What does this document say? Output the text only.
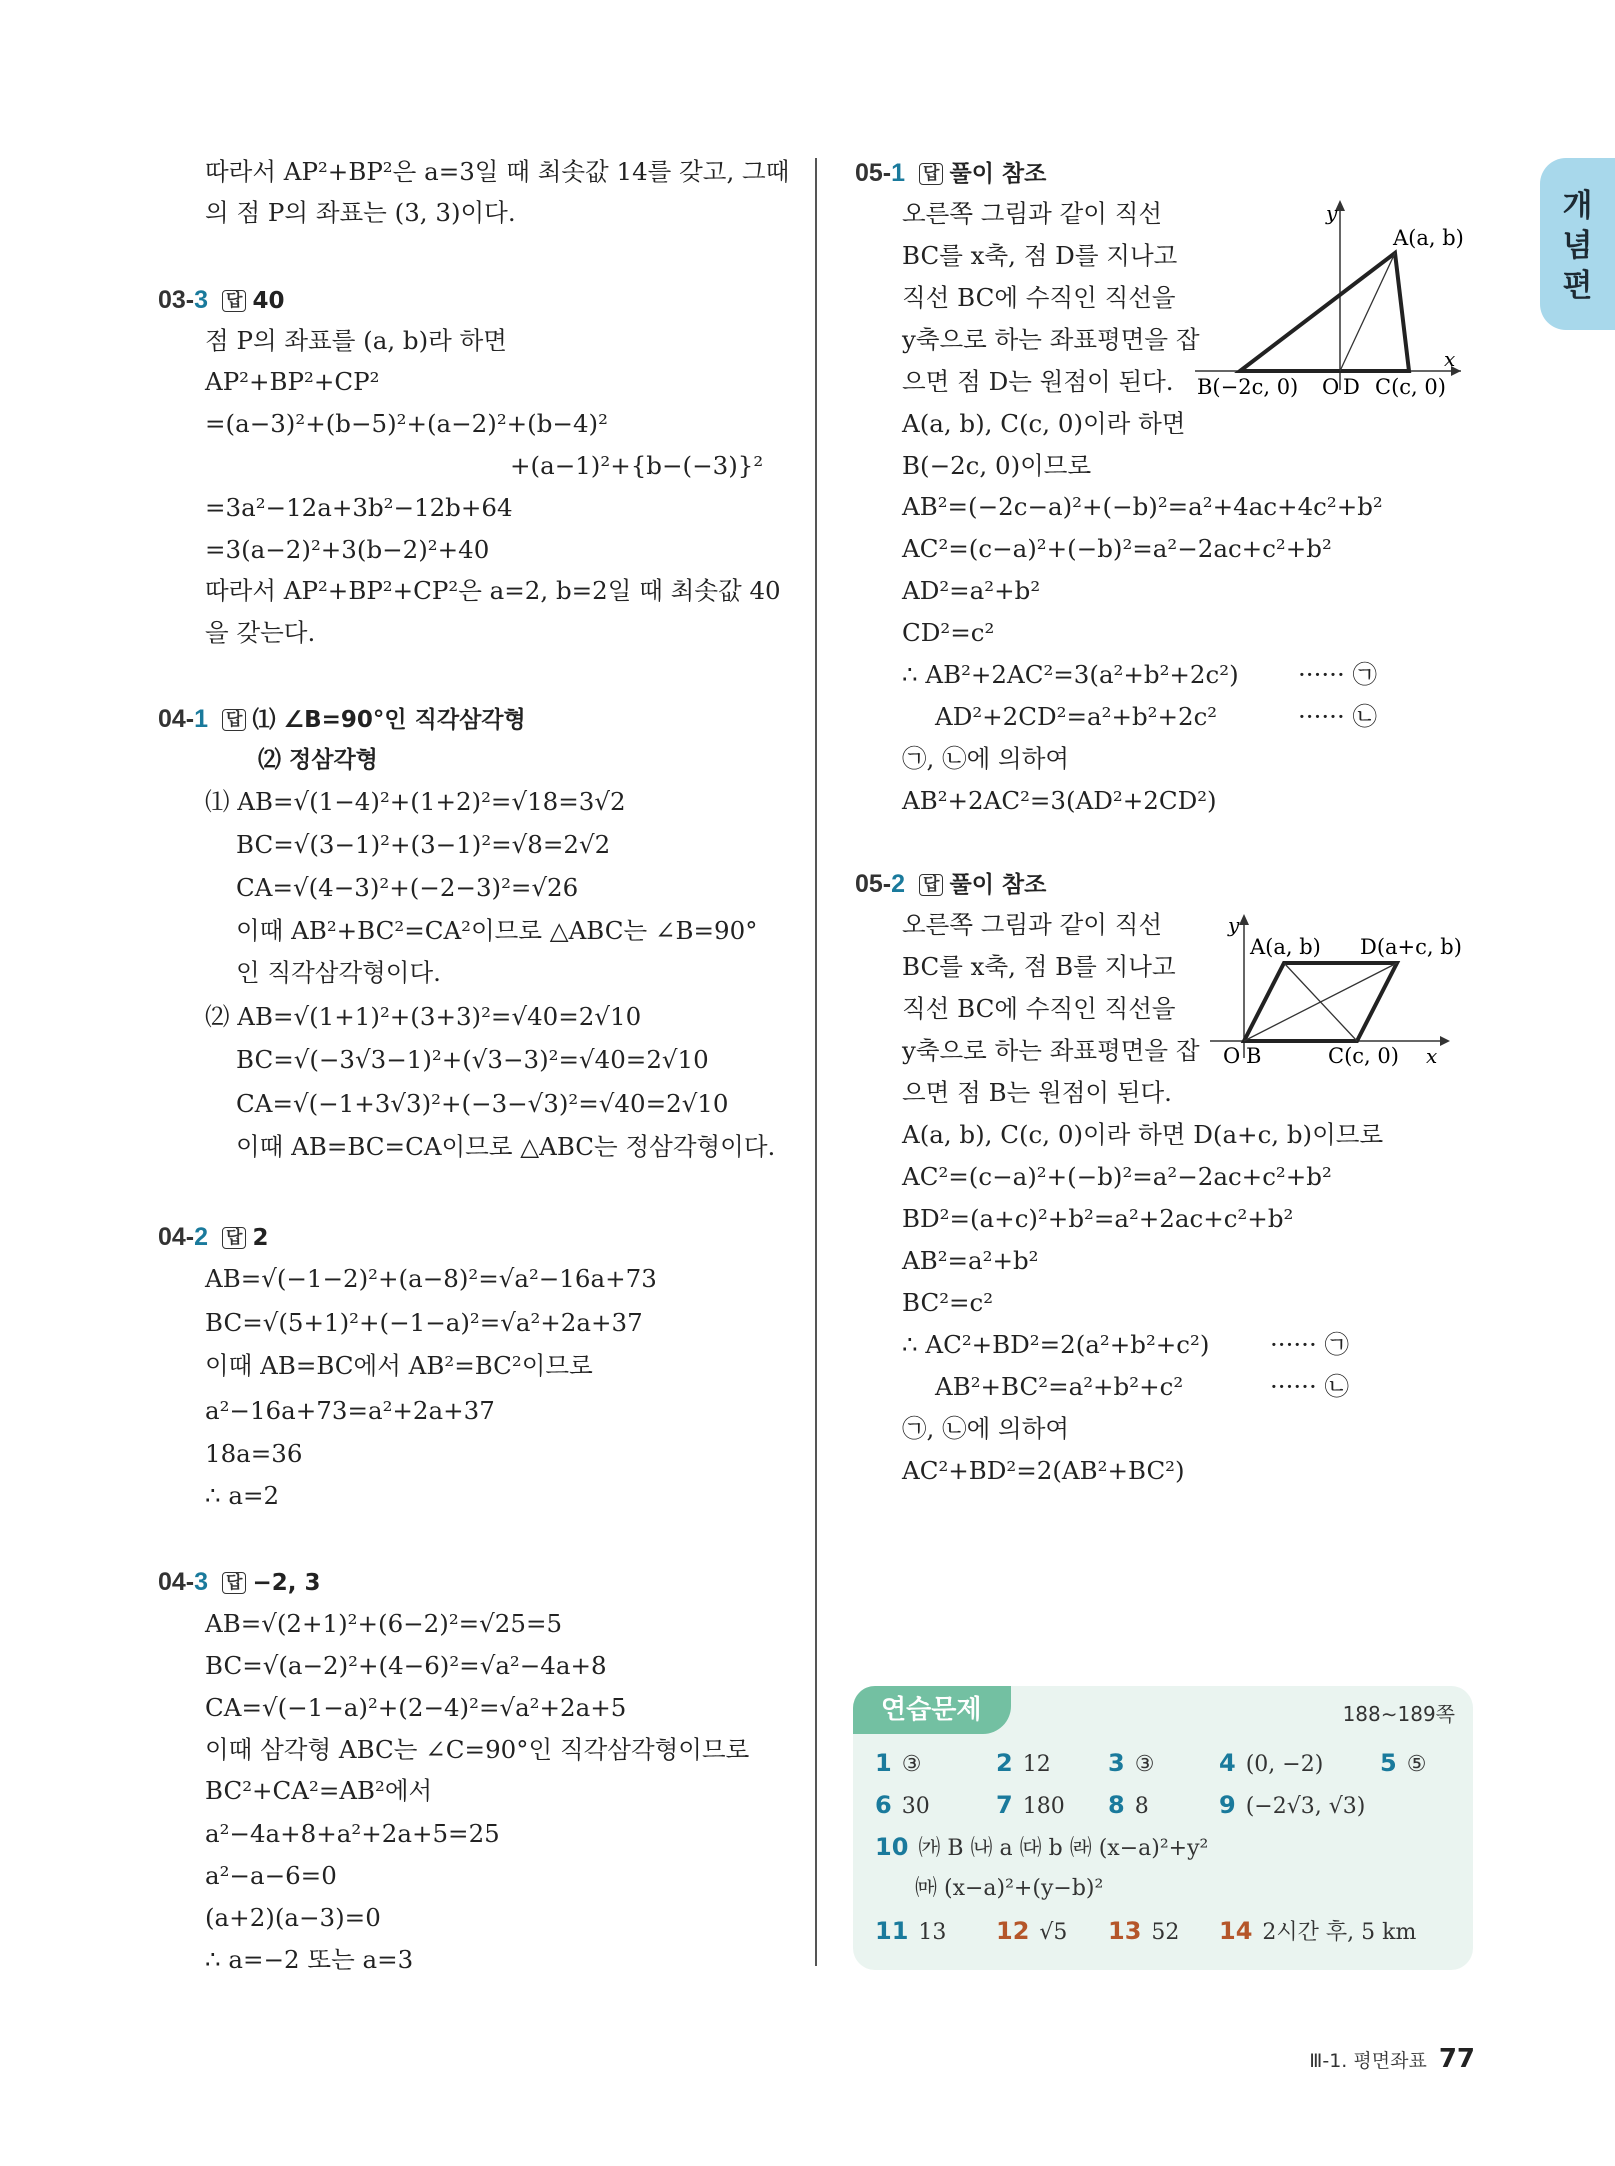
개
념
편
따라서 AP²+BP²은 a=3일 때 최솟값 14를 갖고, 그때
의 점 P의 좌표는 (3, 3)이다.
03-3 답 40
점 P의 좌표를 (a, b)라 하면
AP²+BP²+CP²
=(a−3)²+(b−5)²+(a−2)²+(b−4)²
+(a−1)²+{b−(−3)}²
=3a²−12a+3b²−12b+64
=3(a−2)²+3(b−2)²+40
따라서 AP²+BP²+CP²은 a=2, b=2일 때 최솟값 40
을 갖는다.
04-1 답 ⑴ ∠B=90°인 직각삼각형
⑵ 정삼각형
⑴ AB=√(1−4)²+(1+2)²=√18=3√2
BC=√(3−1)²+(3−1)²=√8=2√2
CA=√(4−3)²+(−2−3)²=√26
이때 AB²+BC²=CA²이므로 △ABC는 ∠B=90°
인 직각삼각형이다.
⑵ AB=√(1+1)²+(3+3)²=√40=2√10
BC=√(−3√3−1)²+(√3−3)²=√40=2√10
CA=√(−1+3√3)²+(−3−√3)²=√40=2√10
이때 AB=BC=CA이므로 △ABC는 정삼각형이다.
04-2 답 2
AB=√(−1−2)²+(a−8)²=√a²−16a+73
BC=√(5+1)²+(−1−a)²=√a²+2a+37
이때 AB=BC에서 AB²=BC²이므로
a²−16a+73=a²+2a+37
18a=36
∴ a=2
04-3 답 −2, 3
AB=√(2+1)²+(6−2)²=√25=5
BC=√(a−2)²+(4−6)²=√a²−4a+8
CA=√(−1−a)²+(2−4)²=√a²+2a+5
이때 삼각형 ABC는 ∠C=90°인 직각삼각형이므로
BC²+CA²=AB²에서
a²−4a+8+a²+2a+5=25
a²−a−6=0
(a+2)(a−3)=0
∴ a=−2 또는 a=3
05-1 답 풀이 참조
오른쪽 그림과 같이 직선
BC를 x축, 점 D를 지나고
직선 BC에 수직인 직선을
y축으로 하는 좌표평면을 잡
으면 점 D는 원점이 된다.
A(a, b), C(c, 0)이라 하면
B(−2c, 0)이므로
AB²=(−2c−a)²+(−b)²=a²+4ac+4c²+b²
AC²=(c−a)²+(−b)²=a²−2ac+c²+b²
AD²=a²+b²
CD²=c²
∴ AB²+2AC²=3(a²+b²+2c²) ······ ㉠
AD²+2CD²=a²+b²+2c²	······ ㉡
㉠, ㉡에 의하여
AB²+2AC²=3(AD²+2CD²)
y
x
A(a, b)
B(−2c, 0) O D C(c, 0)
05-2 답 풀이 참조
오른쪽 그림과 같이 직선
BC를 x축, 점 B를 지나고
직선 BC에 수직인 직선을
y축으로 하는 좌표평면을 잡
으면 점 B는 원점이 된다.
A(a, b), C(c, 0)이라 하면 D(a+c, b)이므로
AC²=(c−a)²+(−b)²=a²−2ac+c²+b²
BD²=(a+c)²+b²=a²+2ac+c²+b²
AB²=a²+b²
BC²=c²
∴ AC²+BD²=2(a²+b²+c²) ······ ㉠
AB²+BC²=a²+b²+c²	······ ㉡
㉠, ㉡에 의하여
AC²+BD²=2(AB²+BC²)
y
x
A(a, b) D(a+c, b)
O B	C(c, 0)
연습문제	188∼189쪽
1 ③	2 12 3 ③	4 (0, −2) 5 ⑤
6 30	7 180 8 8	9 (−2√3, √3)
10 ㈎ B ㈏ a ㈐ b ㈑ (x−a)²+y²
㈒ (x−a)²+(y−b)²
11 13 12 √5 13 52 14 2시간 후, 5 km
Ⅲ-1. 평면좌표 77
